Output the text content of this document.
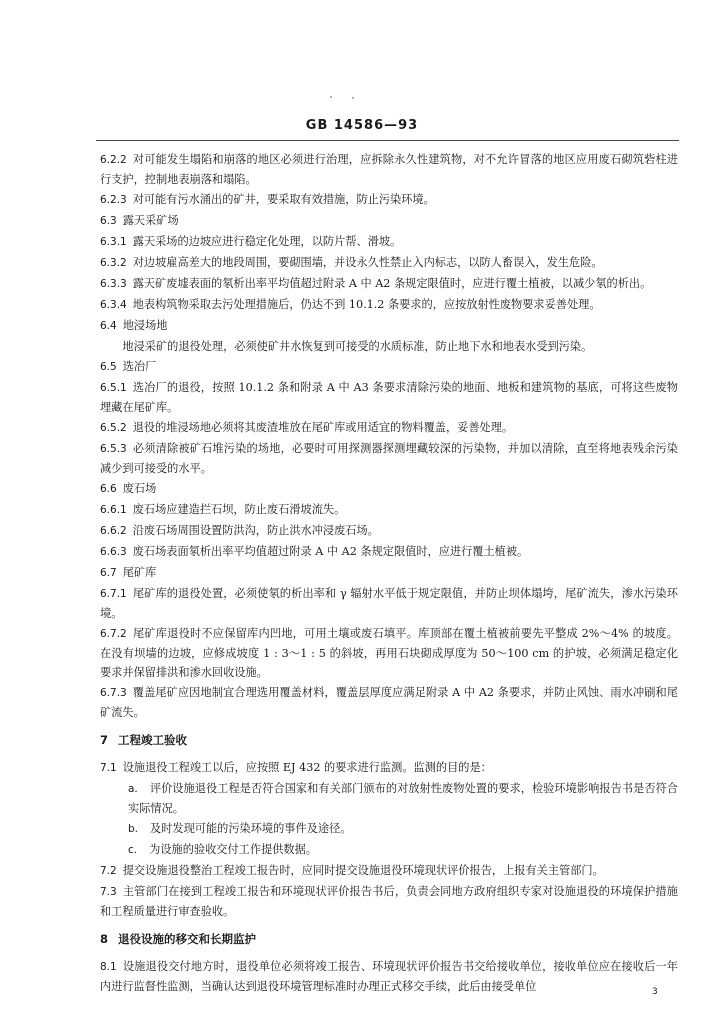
GB 14586—93

6.2.2 对可能发生塌陷和崩落的地区必须进行治理，应拆除永久性建筑物，对不允许冒落的地区应用废石砌筑砦柱进行支护，控制地表崩落和塌陷。

6.2.3 对可能有污水涌出的矿井，要采取有效措施，防止污染环境。

6.3 露天采矿场

6.3.1 露天采场的边坡应进行稳定化处理，以防片帮、滑坡。

6.3.2 对边坡雇高差大的地段周围，要砌围墙，并设永久性禁止入内标志，以防人畜误入，发生危险。

6.3.3 露天矿废墟表面的氡析出率平均值超过附录 A 中 A2 条规定限值时，应进行覆土植被，以减少氡的析出。

6.3.4 地表构筑物采取去污处理措施后，仍达不到 10.1.2 条要求的，应按放射性废物要求妥善处理。

6.4 地浸场地

地浸采矿的退役处理，必须使矿井水恢复到可接受的水质标准，防止地下水和地表水受到污染。

6.5 选冶厂

6.5.1 选冶厂的退役，按照 10.1.2 条和附录 A 中 A3 条要求清除污染的地面、地板和建筑物的基底，可将这些废物埋藏在尾矿库。

6.5.2 退役的堆浸场地必须将其废渣堆放在尾矿库或用适宜的物料覆盖，妥善处理。

6.5.3 必须清除被矿石堆污染的场地，必要时可用探测器探测埋藏较深的污染物，并加以清除，直至将地表残余污染减少到可接受的水平。

6.6 废石场

6.6.1 废石场应建造拦石坝，防止废石滑坡流失。

6.6.2 沿废石场周围设置防洪沟，防止洪水冲浸废石场。

6.6.3 废石场表面氡析出率平均值超过附录 A 中 A2 条规定限值时，应进行覆土植被。

6.7 尾矿库

6.7.1 尾矿库的退役处置，必须使氡的析出率和 γ 辐射水平低于规定限值，并防止坝体塌垮，尾矿流失，渗水污染环境。

6.7.2 尾矿库退役时不应保留库内凹地，可用土壤或废石填平。库顶部在覆土植被前要先平整成 2%～4% 的坡度。在没有坝墙的边坡，应修成坡度 1 : 3～1 : 5 的斜坡，再用石块砌成厚度为 50～100 cm 的护坡，必须满足稳定化要求并保留排洪和渗水回收设施。

6.7.3 覆盖尾矿应因地制宜合理选用覆盖材料，覆盖层厚度应满足附录 A 中 A2 条要求，并防止风蚀、雨水冲刷和尾矿流失。

7 工程竣工验收

7.1 设施退役工程竣工以后，应按照 EJ 432 的要求进行监测。监测的目的是：

a. 评价设施退役工程是否符合国家和有关部门颁布的对放射性废物处置的要求，检验环境影响报告书是否符合实际情况。

b. 及时发现可能的污染环境的事件及途径。

c. 为设施的验收交付工作提供数据。

7.2 提交设施退役整治工程竣工报告时，应同时提交设施退役环境现状评价报告，上报有关主管部门。

7.3 主管部门在接到工程竣工报告和环境现状评价报告书后，负责会同地方政府组织专家对设施退役的环境保护措施和工程质量进行审查验收。

8 退役设施的移交和长期监护

8.1 设施退役交付地方时，退役单位必须将竣工报告、环境现状评价报告书交给接收单位，接收单位应在接收后一年内进行监督性监测，当确认达到退役环境管理标准时办理正式移交手续，此后由接受单位	3
